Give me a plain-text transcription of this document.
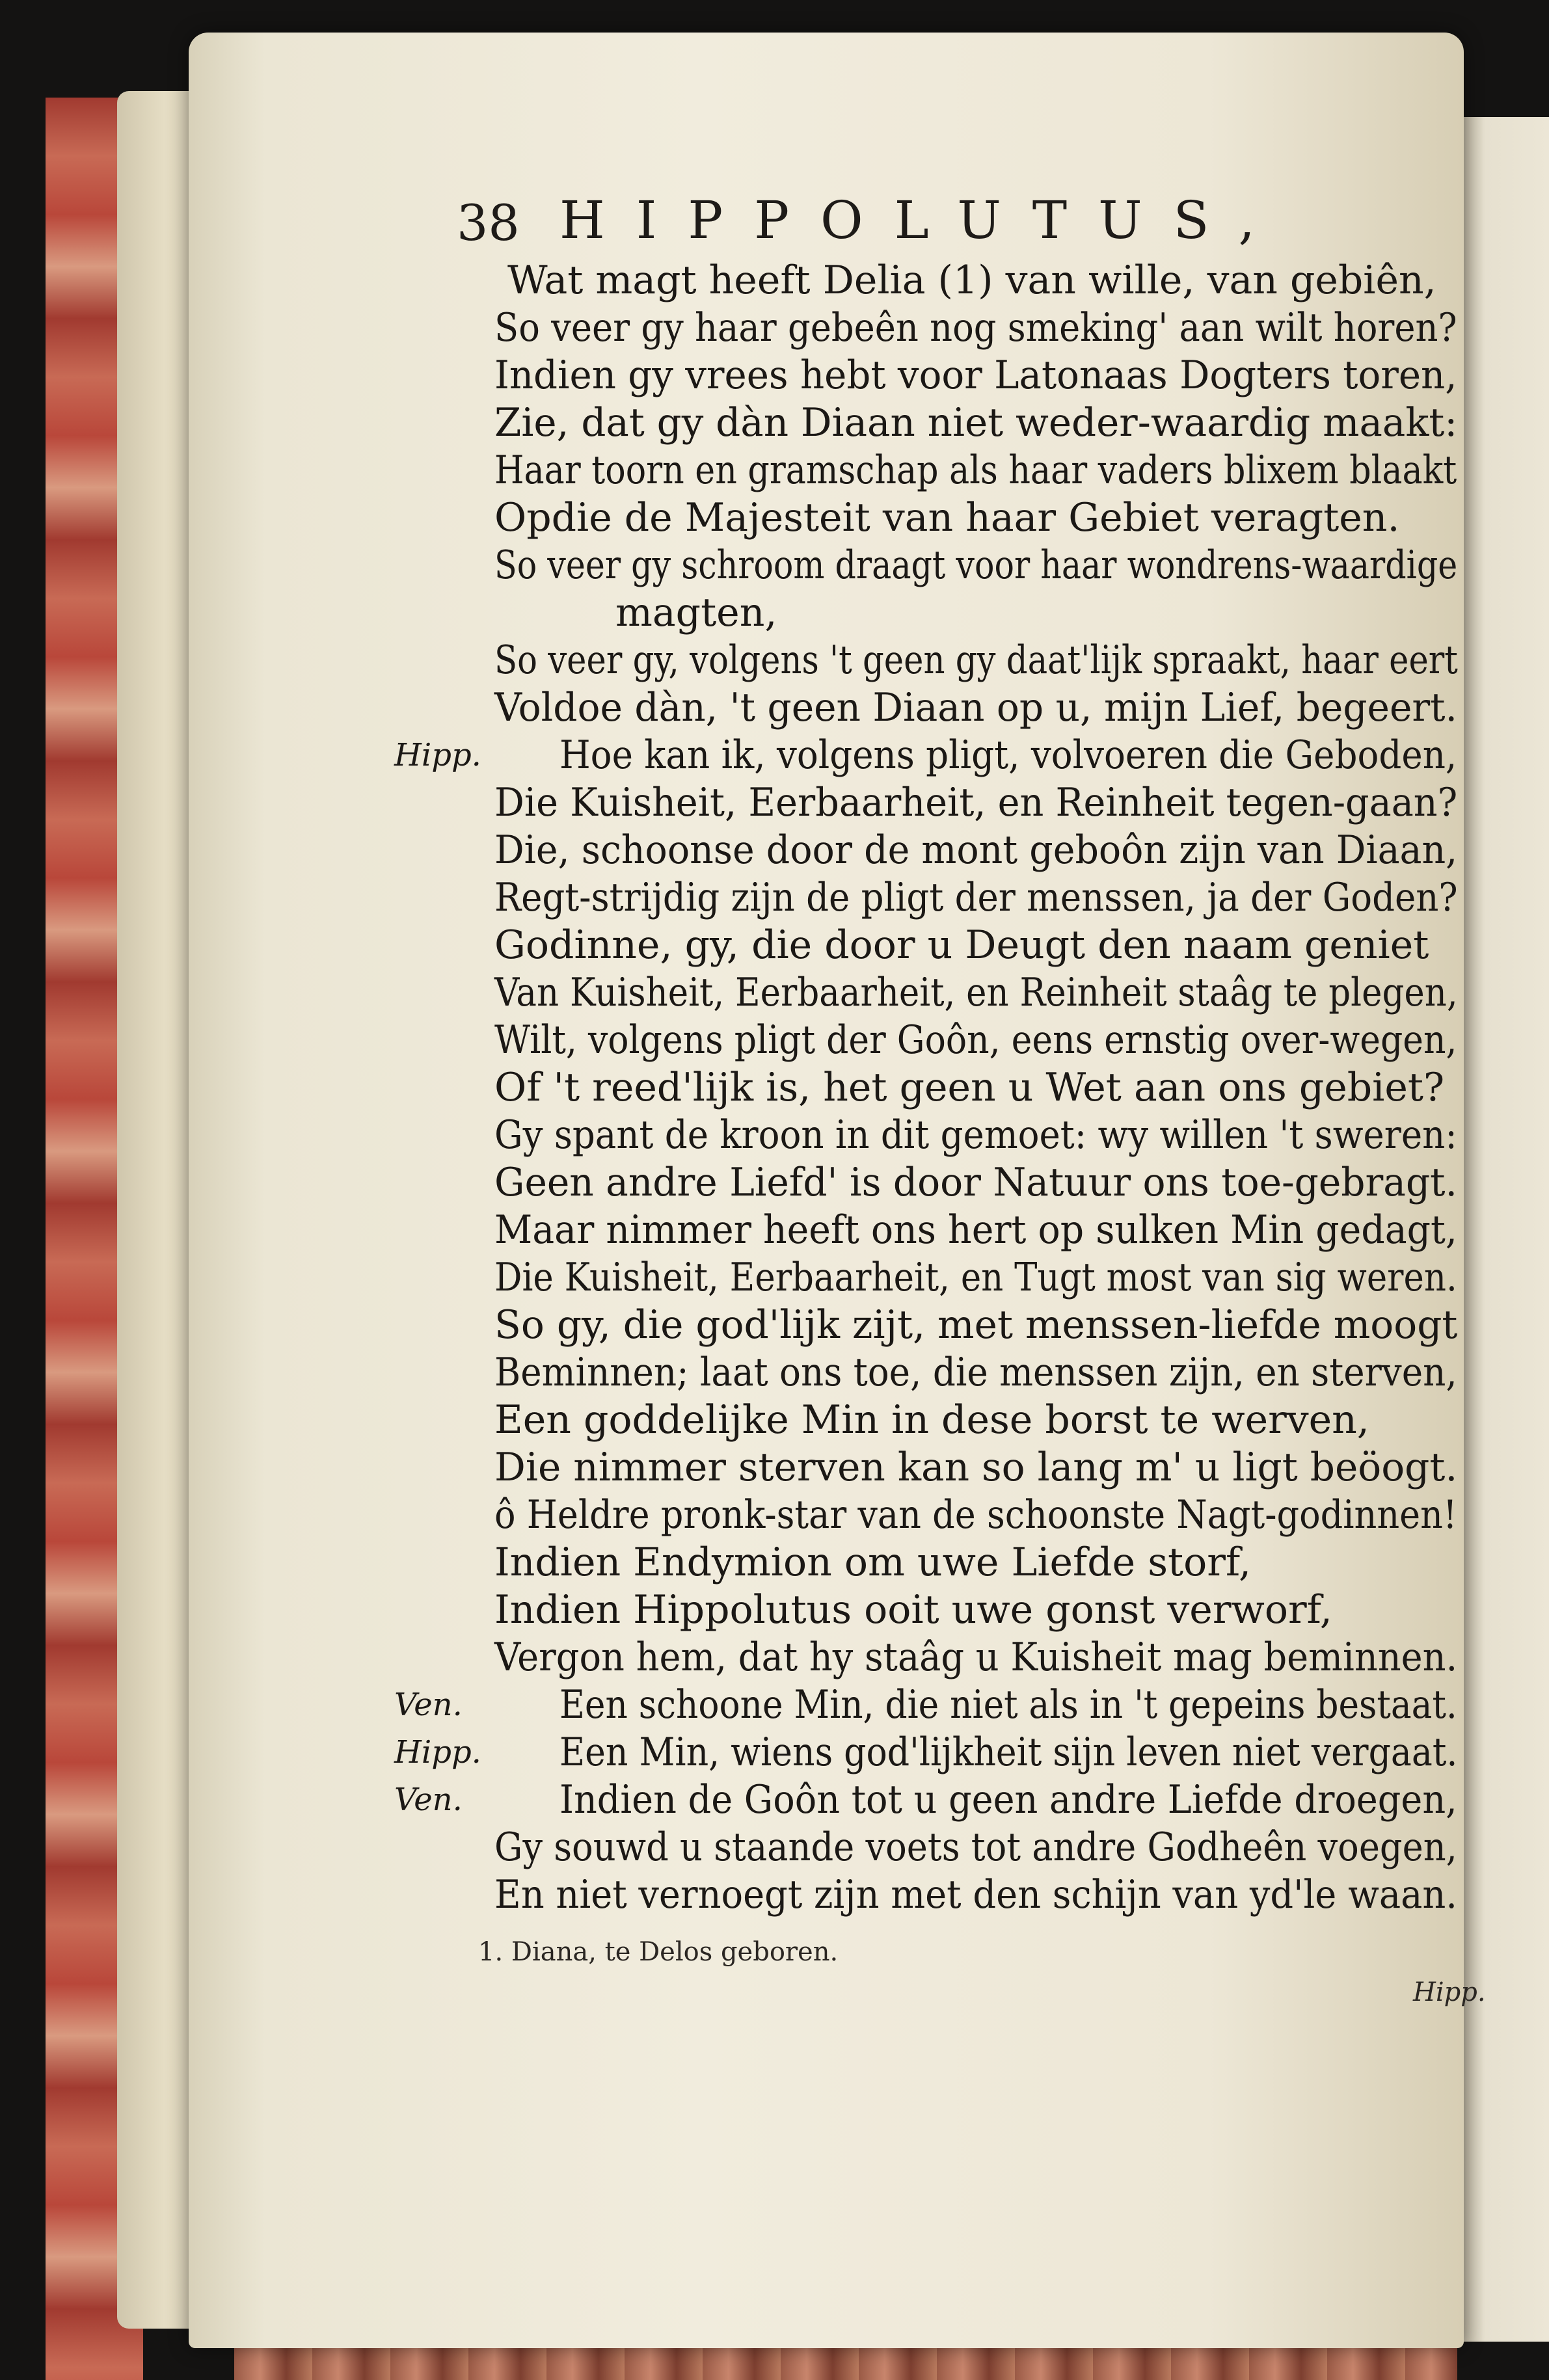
38 HIPPOLUTUS,
Wat magt heeft Delia (1) van wille, van gebiên,
So veer gy haar gebeên nog smeking' aan wilt horen?
Indien gy vrees hebt voor Latonaas Dogters toren,
Zie, dat gy dàn Diaan niet weder-waardig maakt:
Haar toorn en gramschap als haar vaders blixem blaakt
Opdie de Majesteit van haar Gebiet veragten.
So veer gy schroom draagt voor haar wondrens-waardige
magten,
So veer gy, volgens 't geen gy daat'lijk spraakt, haar eert
Voldoe dàn, 't geen Diaan op u, mijn Lief, begeert.
Hipp. Hoe kan ik, volgens pligt, volvoeren die Geboden,
Die Kuisheit, Eerbaarheit, en Reinheit tegen-gaan?
Die, schoonse door de mont geboôn zijn van Diaan,
Regt-strijdig zijn de pligt der menssen, ja der Goden?
Godinne, gy, die door u Deugt den naam geniet
Van Kuisheit, Eerbaarheit, en Reinheit staâg te plegen,
Wilt, volgens pligt der Goôn, eens ernstig over-wegen,
Of 't reed'lijk is, het geen u Wet aan ons gebiet?
Gy spant de kroon in dit gemoet: wy willen 't sweren:
Geen andre Liefd' is door Natuur ons toe-gebragt.
Maar nimmer heeft ons hert op sulken Min gedagt,
Die Kuisheit, Eerbaarheit, en Tugt most van sig weren.
So gy, die god'lijk zijt, met menssen-liefde moogt
Beminnen; laat ons toe, die menssen zijn, en sterven,
Een goddelijke Min in dese borst te werven,
Die nimmer sterven kan so lang m' u ligt beöogt.
ô Heldre pronk-star van de schoonste Nagt-godinnen!
Indien Endymion om uwe Liefde storf,
Indien Hippolutus ooit uwe gonst verworf,
Vergon hem, dat hy staâg u Kuisheit mag beminnen.
Ven. Een schoone Min, die niet als in 't gepeins bestaat.
Hipp. Een Min, wiens god'lijkheit sijn leven niet vergaat.
Ven. Indien de Goôn tot u geen andre Liefde droegen,
Gy souwd u staande voets tot andre Godheên voegen,
En niet vernoegt zijn met den schijn van yd'le waan.
1. Diana, te Delos geboren.
Hipp.
